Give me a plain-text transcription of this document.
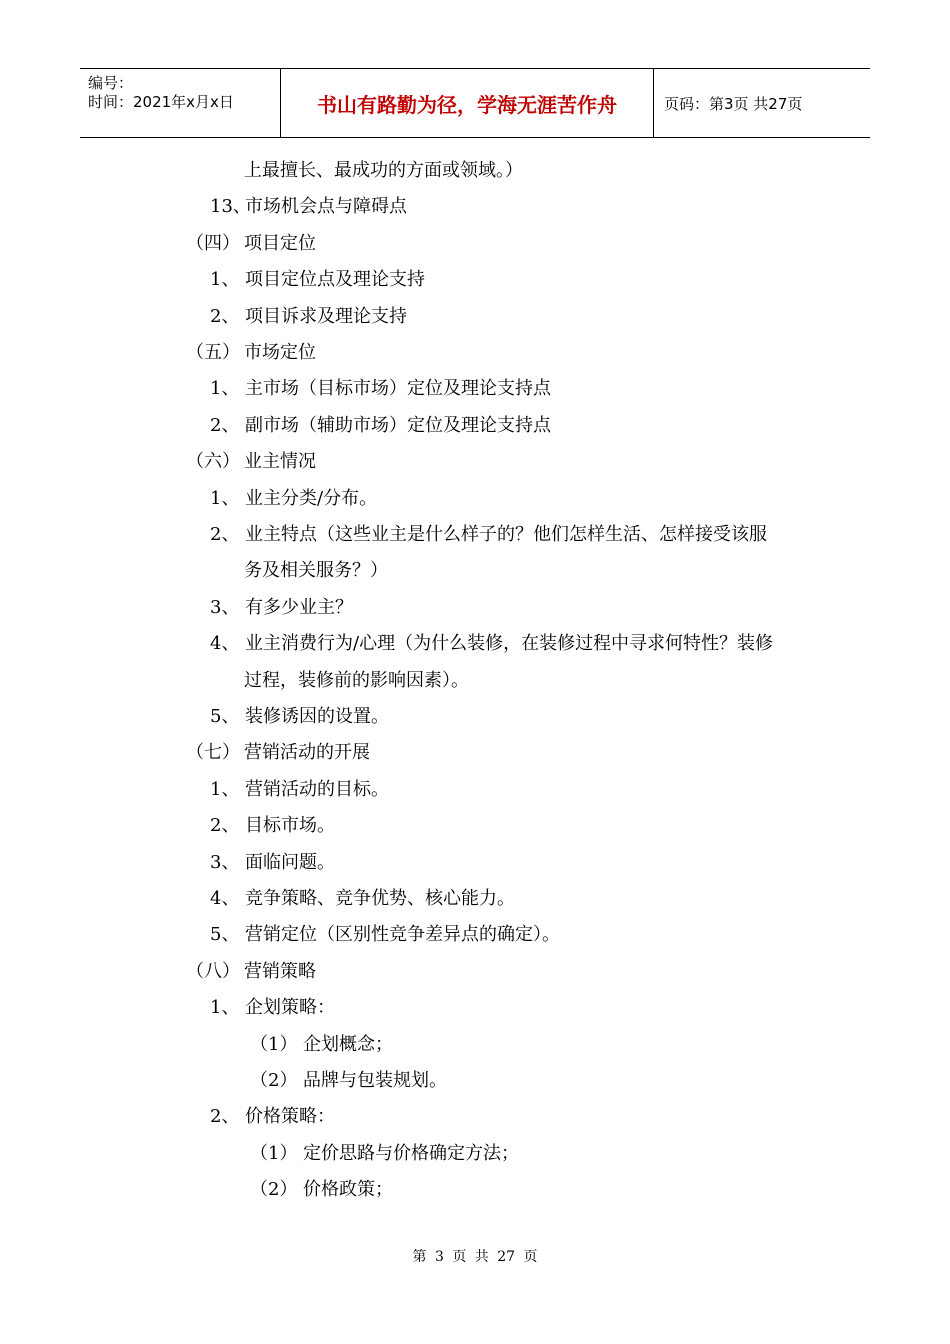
编号：
时间：2021年x月x日	书山有路勤为径，学海无涯苦作舟	页码：第3页 共27页
上最擅长、最成功的方面或领域。）
13、市场机会点与障碍点
（四） 项目定位
1、 项目定位点及理论支持
2、 项目诉求及理论支持
（五） 市场定位
1、 主市场（目标市场）定位及理论支持点
2、 副市场（辅助市场）定位及理论支持点
（六） 业主情况
1、 业主分类/分布。
2、 业主特点（这些业主是什么样子的？他们怎样生活、怎样接受该服
务及相关服务？）
3、 有多少业主？
4、 业主消费行为/心理（为什么装修，在装修过程中寻求何特性？装修
过程，装修前的影响因素）。
5、 装修诱因的设置。
（七） 营销活动的开展
1、 营销活动的目标。
2、 目标市场。
3、 面临问题。
4、 竞争策略、竞争优势、核心能力。
5、 营销定位（区别性竞争差异点的确定）。
（八） 营销策略
1、 企划策略：
（1） 企划概念；
（2） 品牌与包装规划。
2、 价格策略：
（1） 定价思路与价格确定方法；
（2） 价格政策；
第 3 页 共 27 页
